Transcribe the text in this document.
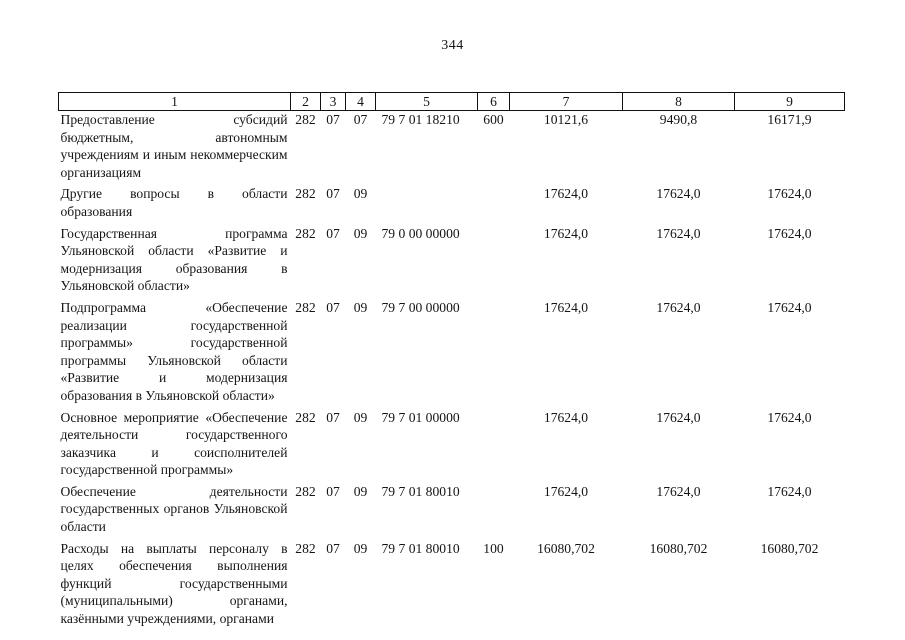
344
1	2	3	4	5	6	7	8	9
Предоставление субсидий бюджетным, автономным учреждениям и иным некоммерческим организациям	282	07	07	79 7 01 18210	600	10121,6	9490,8	16171,9
Другие вопросы в области образования	282	07	09			17624,0	17624,0	17624,0
Государственная программа Ульяновской области «Развитие и модернизация образования в Ульяновской области»	282	07	09	79 0 00 00000		17624,0	17624,0	17624,0
Подпрограмма «Обеспечение реализации государственной программы» государственной программы Ульяновской области «Развитие и модернизация образования в Ульяновской области»	282	07	09	79 7 00 00000		17624,0	17624,0	17624,0
Основное мероприятие «Обеспечение деятельности государственного заказчика и соисполнителей государственной программы»	282	07	09	79 7 01 00000		17624,0	17624,0	17624,0
Обеспечение деятельности государственных органов Ульяновской области	282	07	09	79 7 01 80010		17624,0	17624,0	17624,0
Расходы на выплаты персоналу в целях обеспечения выполнения функций государственными (муниципальными) органами, казёнными учреждениями, органами	282	07	09	79 7 01 80010	100	16080,702	16080,702	16080,702
